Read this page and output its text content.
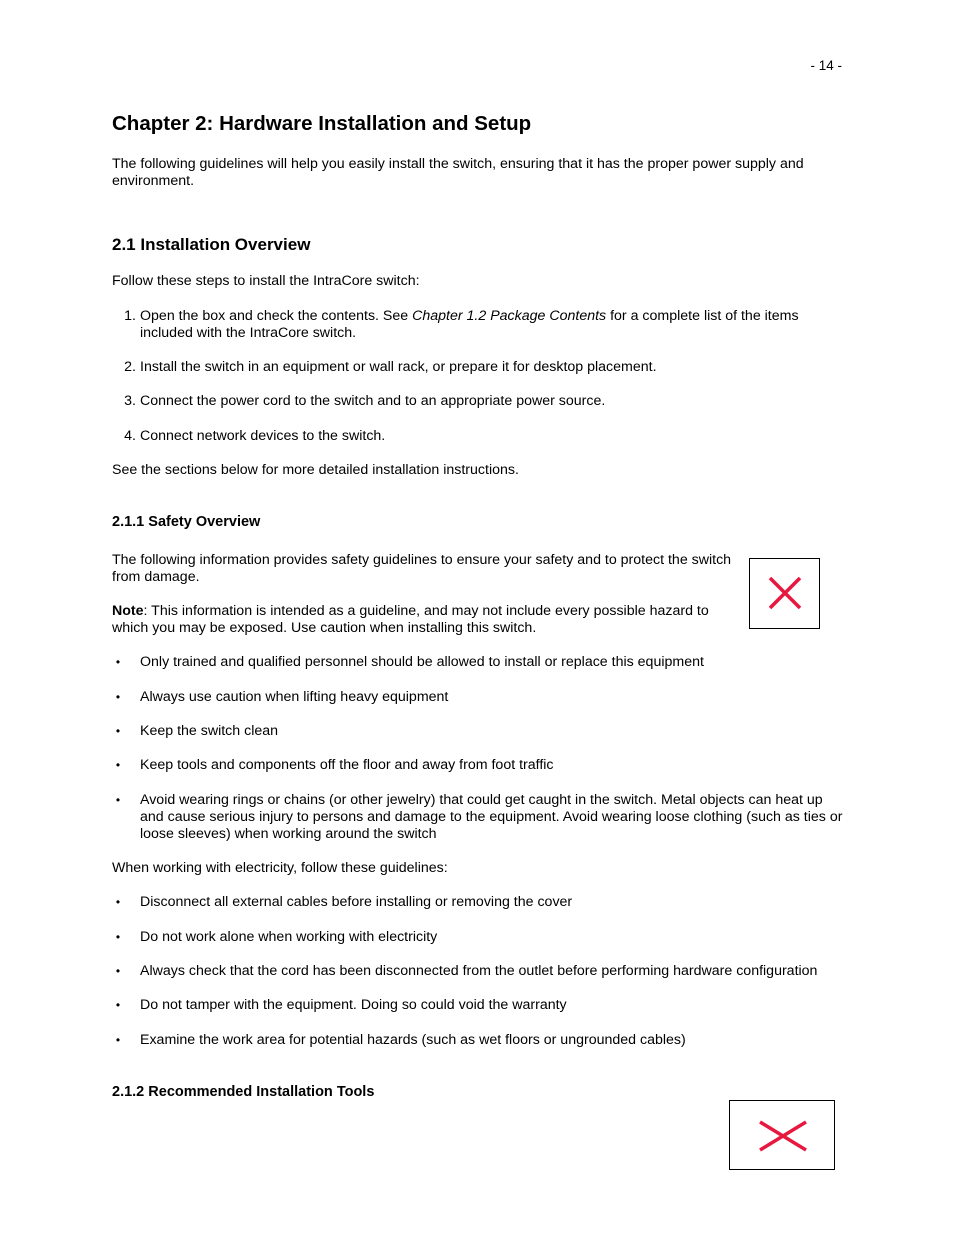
- 14 -
Chapter 2: Hardware Installation and Setup
The following guidelines will help you easily install the switch, ensuring that it has the proper power supply and
environment.
2.1 Installation Overview
Follow these steps to install the IntraCore switch:
1. Open the box and check the contents. See Chapter 1.2 Package Contents for a complete list of the items
included with the IntraCore switch.
2. Install the switch in an equipment or wall rack, or prepare it for desktop placement.
3. Connect the power cord to the switch and to an appropriate power source.
4. Connect network devices to the switch.
See the sections below for more detailed installation instructions.
2.1.1 Safety Overview
The following information provides safety guidelines to ensure your safety and to protect the switch
from damage.
Note: This information is intended as a guideline, and may not include every possible hazard to
which you may be exposed. Use caution when installing this switch.
• Only trained and qualified personnel should be allowed to install or replace this equipment
• Always use caution when lifting heavy equipment
• Keep the switch clean
• Keep tools and components off the floor and away from foot traffic
• Avoid wearing rings or chains (or other jewelry) that could get caught in the switch. Metal objects can heat up
and cause serious injury to persons and damage to the equipment. Avoid wearing loose clothing (such as ties or
loose sleeves) when working around the switch
When working with electricity, follow these guidelines:
• Disconnect all external cables before installing or removing the cover
• Do not work alone when working with electricity
• Always check that the cord has been disconnected from the outlet before performing hardware configuration
• Do not tamper with the equipment. Doing so could void the warranty
• Examine the work area for potential hazards (such as wet floors or ungrounded cables)
2.1.2 Recommended Installation Tools
